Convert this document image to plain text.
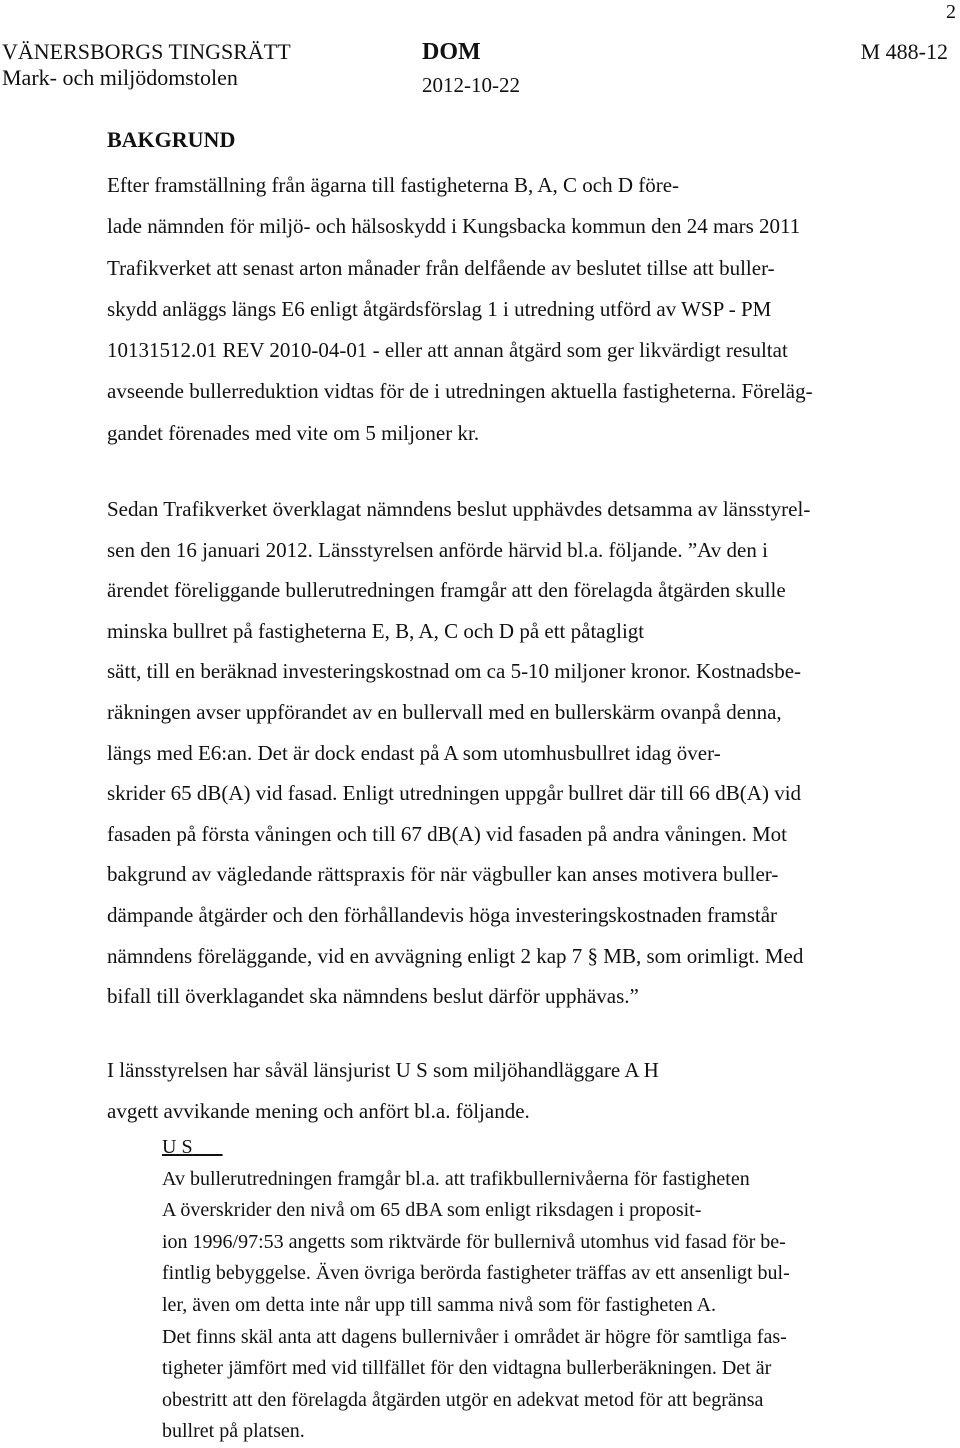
2
VÄNERSBORGS TINGSRÄTT
Mark- och miljödomstolen
DOM
2012-10-22
M 488-12
BAKGRUND
Efter framställning från ägarna till fastigheterna B, A, C och D före-
lade nämnden för miljö- och hälsoskydd i Kungsbacka kommun den 24 mars 2011
Trafikverket att senast arton månader från delfående av beslutet tillse att buller-
skydd anläggs längs E6 enligt åtgärdsförslag 1 i utredning utförd av WSP - PM
10131512.01 REV 2010-04-01 - eller att annan åtgärd som ger likvärdigt resultat
avseende bullerreduktion vidtas för de i utredningen aktuella fastigheterna. Föreläg-
gandet förenades med vite om 5 miljoner kr.
Sedan Trafikverket överklagat nämndens beslut upphävdes detsamma av länsstyrel-
sen den 16 januari 2012. Länsstyrelsen anförde härvid bl.a. följande. ”Av den i
ärendet föreliggande bullerutredningen framgår att den förelagda åtgärden skulle
minska bullret på fastigheterna E, B, A, C och D på ett påtagligt
sätt, till en beräknad investeringskostnad om ca 5-10 miljoner kronor. Kostnadsbe-
räkningen avser uppförandet av en bullervall med en bullerskärm ovanpå denna,
längs med E6:an. Det är dock endast på A som utomhusbullret idag över-
skrider 65 dB(A) vid fasad. Enligt utredningen uppgår bullret där till 66 dB(A) vid
fasaden på första våningen och till 67 dB(A) vid fasaden på andra våningen. Mot
bakgrund av vägledande rättspraxis för när vägbuller kan anses motivera buller-
dämpande åtgärder och den förhållandevis höga investeringskostnaden framstår
nämndens föreläggande, vid en avvägning enligt 2 kap 7 § MB, som orimligt. Med
bifall till överklagandet ska nämndens beslut därför upphävas.”
I länsstyrelsen har såväl länsjurist U S som miljöhandläggare A H
avgett avvikande mening och anfört bl.a. följande.
U S
Av bullerutredningen framgår bl.a. att trafikbullernivåerna för fastigheten
A överskrider den nivå om 65 dBA som enligt riksdagen i proposit-
ion 1996/97:53 angetts som riktvärde för bullernivå utomhus vid fasad för be-
fintlig bebyggelse. Även övriga berörda fastigheter träffas av ett ansenligt bul-
ler, även om detta inte når upp till samma nivå som för fastigheten A.
Det finns skäl anta att dagens bullernivåer i området är högre för samtliga fas-
tigheter jämfört med vid tillfället för den vidtagna bullerberäkningen. Det är
obestritt att den förelagda åtgärden utgör en adekvat metod för att begränsa
bullret på platsen.
